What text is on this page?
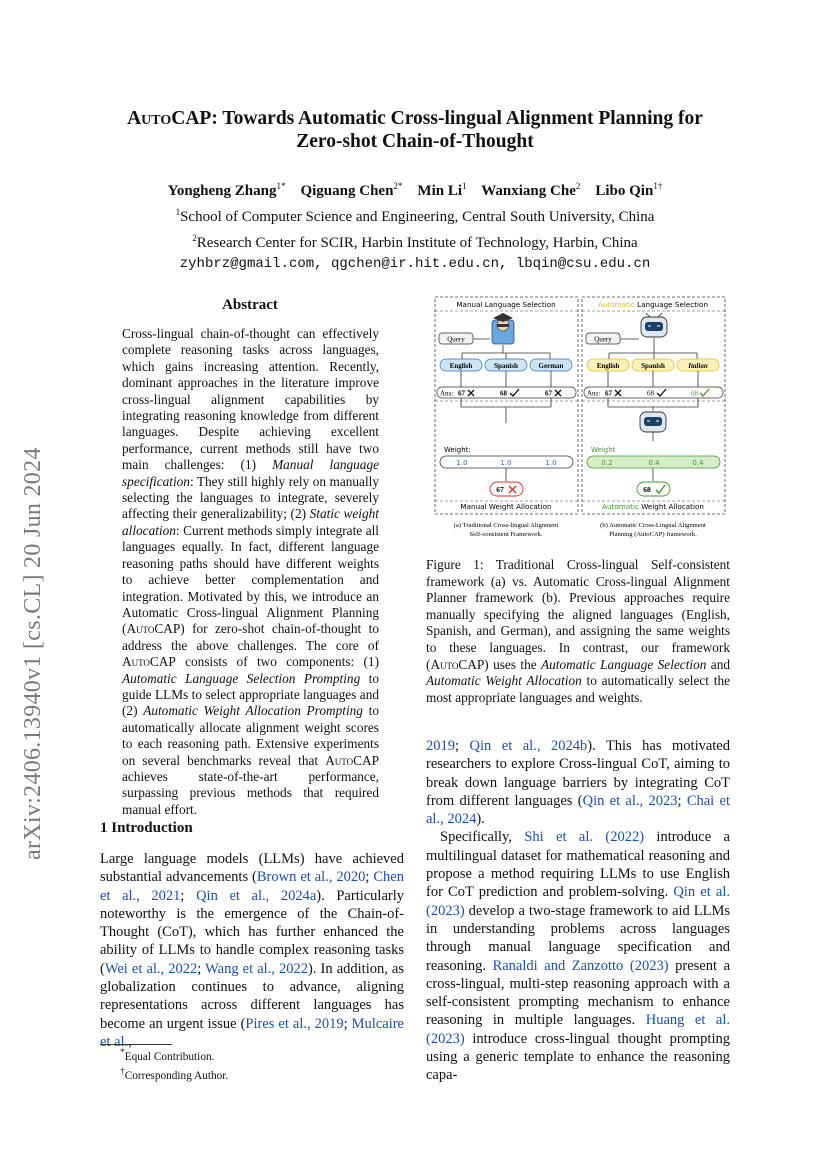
arXiv:2406.13940v1 [cs.CL] 20 Jun 2024
AutoCAP: Towards Automatic Cross-lingual Alignment Planning for
Zero-shot Chain-of-Thought
Yongheng Zhang$^{1*}$ Qiguang Chen$^{2*}$ Min Li$^1$ Wanxiang Che$^2$ Libo Qin$^{1\dagger}$
$^1$School of Computer Science and Engineering, Central South University, China
$^2$Research Center for SCIR, Harbin Institute of Technology, Harbin, China
zyhbrz@gmail.com, qgchen@ir.hit.edu.cn, lbqin@csu.edu.cn
Abstract
Cross-lingual chain-of-thought can effectively complete reasoning tasks across languages, which gains increasing attention. Recently, dominant approaches in the literature improve cross-lingual alignment capabilities by integrating reasoning knowledge from different languages. Despite achieving excellent performance, current methods still have two main challenges: (1) Manual language specification: They still highly rely on manually selecting the languages to integrate, severely affecting their generalizability; (2) Static weight allocation: Current methods simply integrate all languages equally. In fact, different language reasoning paths should have different weights to achieve better complementation and integration. Motivated by this, we introduce an Automatic Cross-lingual Alignment Planning (AutoCAP) for zero-shot chain-of-thought to address the above challenges. The core of AutoCAP consists of two components: (1) Automatic Language Selection Prompting to guide LLMs to select appropriate languages and (2) Automatic Weight Allocation Prompting to automatically allocate alignment weight scores to each reasoning path. Extensive experiments on several benchmarks reveal that AutoCAP achieves state-of-the-art performance, surpassing previous methods that required manual effort.
1 Introduction
Large language models (LLMs) have achieved substantial advancements (Brown et al., 2020; Chen et al., 2021; Qin et al., 2024a). Particularly noteworthy is the emergence of the Chain-of-Thought (CoT), which has further enhanced the ability of LLMs to handle complex reasoning tasks (Wei et al., 2022; Wang et al., 2022). In addition, as globalization continues to advance, aligning representations across different languages has become an urgent issue (Pires et al., 2019; Mulcaire et al.,
*Equal Contribution.
†Corresponding Author.
Manual Language Selection	Automatic Language Selection
Query	Query
English	Spanish	German	English	Spanish	Italian
Ans: 67	68	67	Ans: 67	68	68
Weight:	Weight
1.0	1.0	1.0	0.2	0.4	0.4
67	68
Manual Weight Allocation	Automatic Weight Allocation
(a) Traditional Cross-lingual Alignment
Self-consistent Framework.
(b) Automatic Cross-Lingual Alignment
Planning (AutoCAP) framework.
Figure 1: Traditional Cross-lingual Self-consistent framework (a) vs. Automatic Cross-lingual Alignment Planner framework (b). Previous approaches require manually specifying the aligned languages (English, Spanish, and German), and assigning the same weights to these languages. In contrast, our framework (AutoCAP) uses the Automatic Language Selection and Automatic Weight Allocation to automatically select the most appropriate languages and weights.

2019; Qin et al., 2024b). This has motivated researchers to explore Cross-lingual CoT, aiming to break down language barriers by integrating CoT from different languages (Qin et al., 2023; Chai et al., 2024).

Specifically, Shi et al. (2022) introduce a multilingual dataset for mathematical reasoning and propose a method requiring LLMs to use English for CoT prediction and problem-solving. Qin et al. (2023) develop a two-stage framework to aid LLMs in understanding problems across languages through manual language specification and reasoning. Ranaldi and Zanzotto (2023) present a cross-lingual, multi-step reasoning approach with a self-consistent prompting mechanism to enhance reasoning in multiple languages. Huang et al. (2023) introduce cross-lingual thought prompting using a generic template to enhance the reasoning capa-
